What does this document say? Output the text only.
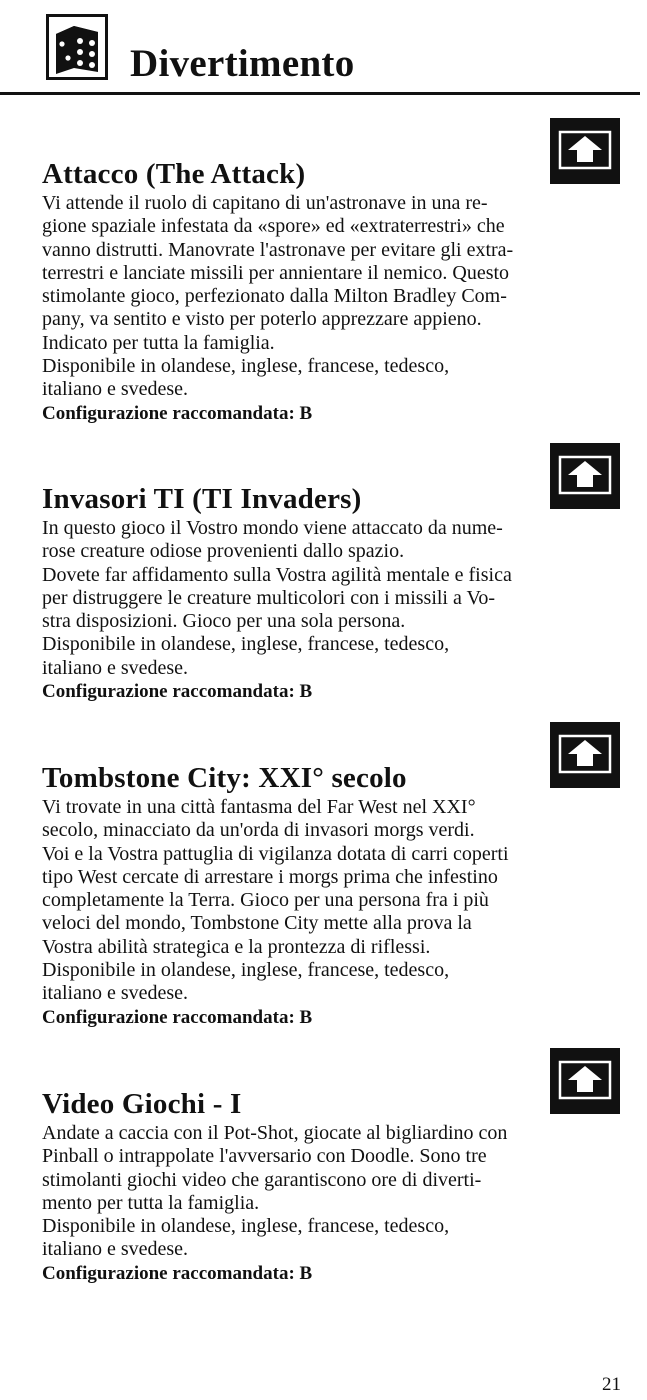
Divertimento
Attacco (The Attack)

Vi attende il ruolo di capitano di un'astronave in una re-
gione spaziale infestata da «spore» ed «extraterrestri» che
vanno distrutti. Manovrate l'astronave per evitare gli extra-
terrestri e lanciate missili per annientare il nemico. Questo
stimolante gioco, perfezionato dalla Milton Bradley Com-
pany, va sentito e visto per poterlo apprezzare appieno.
Indicato per tutta la famiglia.

Disponibile in olandese, inglese, francese, tedesco,
italiano e svedese.

Configurazione raccomandata: B

Invasori TI (TI Invaders)

In questo gioco il Vostro mondo viene attaccato da nume-
rose creature odiose provenienti dallo spazio.
Dovete far affidamento sulla Vostra agilità mentale e fisica
per distruggere le creature multicolori con i missili a Vo-
stra disposizioni. Gioco per una sola persona.

Disponibile in olandese, inglese, francese, tedesco,
italiano e svedese.

Configurazione raccomandata: B

Tombstone City: XXI° secolo

Vi trovate in una città fantasma del Far West nel XXI°
secolo, minacciato da un'orda di invasori morgs verdi.
Voi e la Vostra pattuglia di vigilanza dotata di carri coperti
tipo West cercate di arrestare i morgs prima che infestino
completamente la Terra. Gioco per una persona fra i più
veloci del mondo, Tombstone City mette alla prova la
Vostra abilità strategica e la prontezza di riflessi.

Disponibile in olandese, inglese, francese, tedesco,
italiano e svedese.

Configurazione raccomandata: B

Video Giochi - I

Andate a caccia con il Pot-Shot, giocate al bigliardino con
Pinball o intrappolate l'avversario con Doodle. Sono tre
stimolanti giochi video che garantiscono ore di diverti-
mento per tutta la famiglia.

Disponibile in olandese, inglese, francese, tedesco,
italiano e svedese.

Configurazione raccomandata: B

21
